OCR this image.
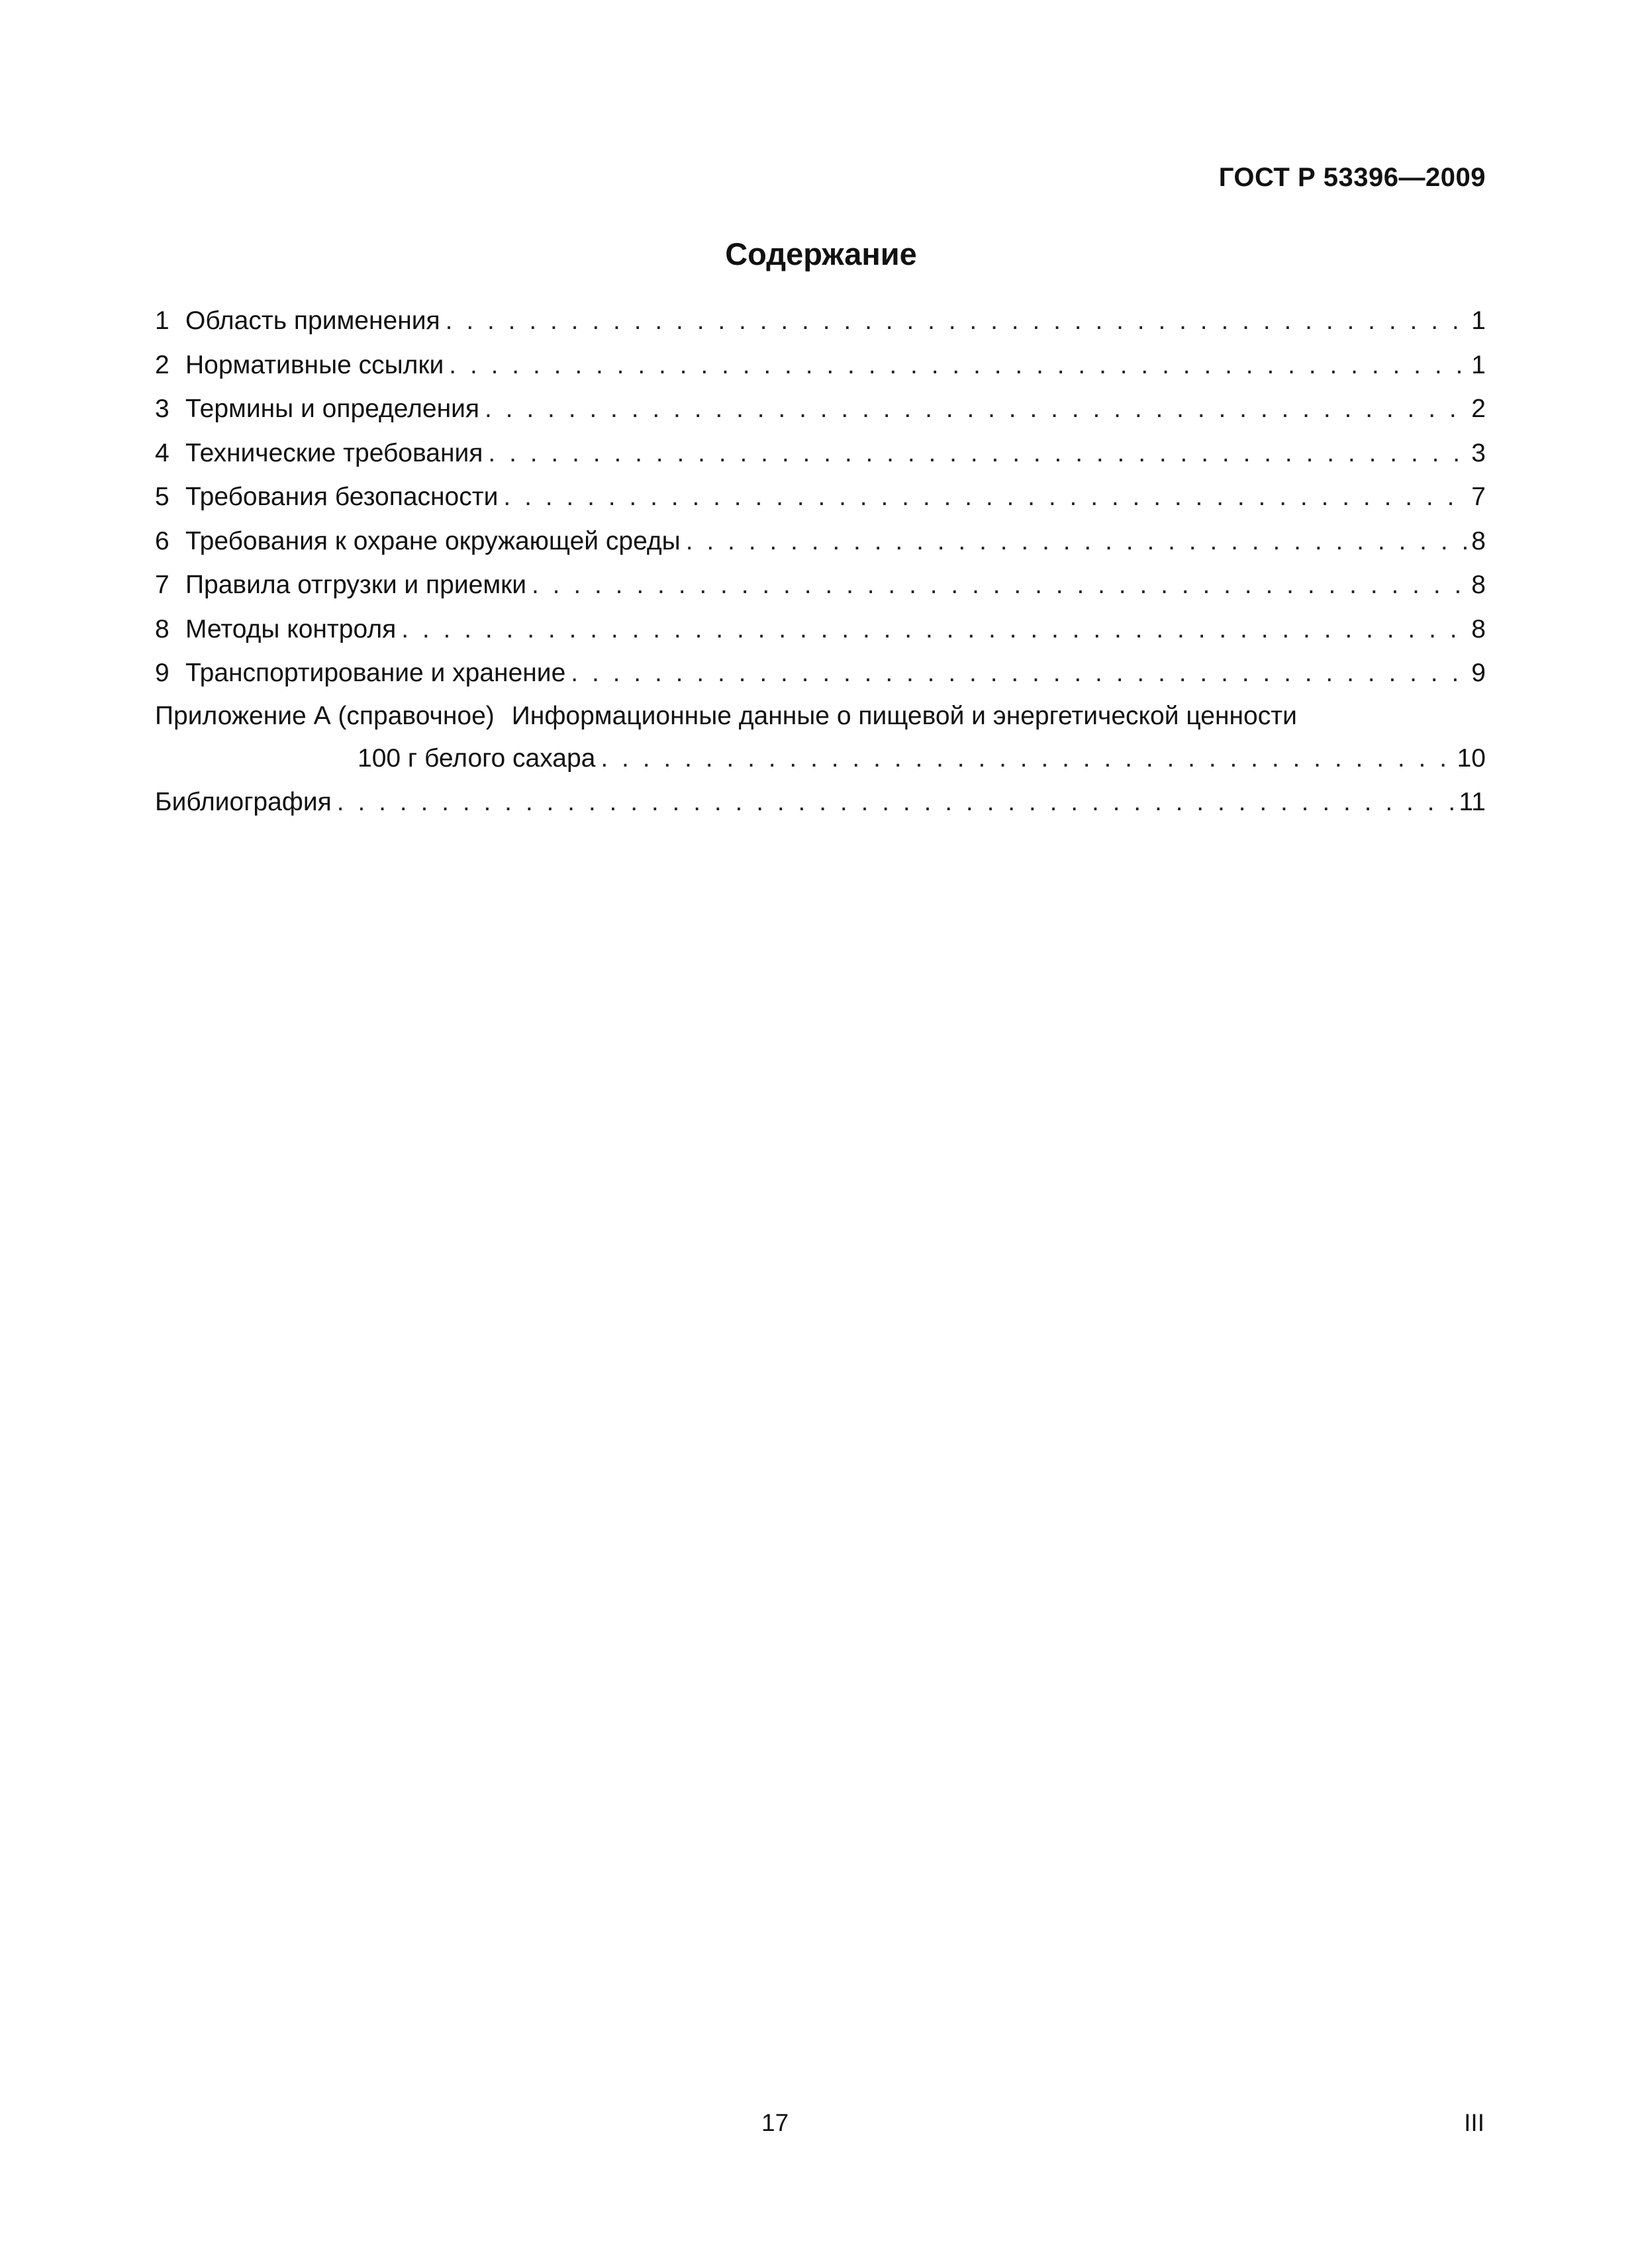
ГОСТ Р 53396—2009
Содержание
1 Область применения . . .	1
2 Нормативные ссылки . . .	1
3 Термины и определения . . .	2
4 Технические требования . . .	3
5 Требования безопасности . . .	7
6 Требования к охране окружающей среды . . .	8
7 Правила отгрузки и приемки . . .	8
8 Методы контроля . . .	8
9 Транспортирование и хранение . . .	9
Приложение А (справочное) Информационные данные о пищевой и энергетической ценности
100 г белого сахара . . .	10
Библиография . . .	11
17	III
